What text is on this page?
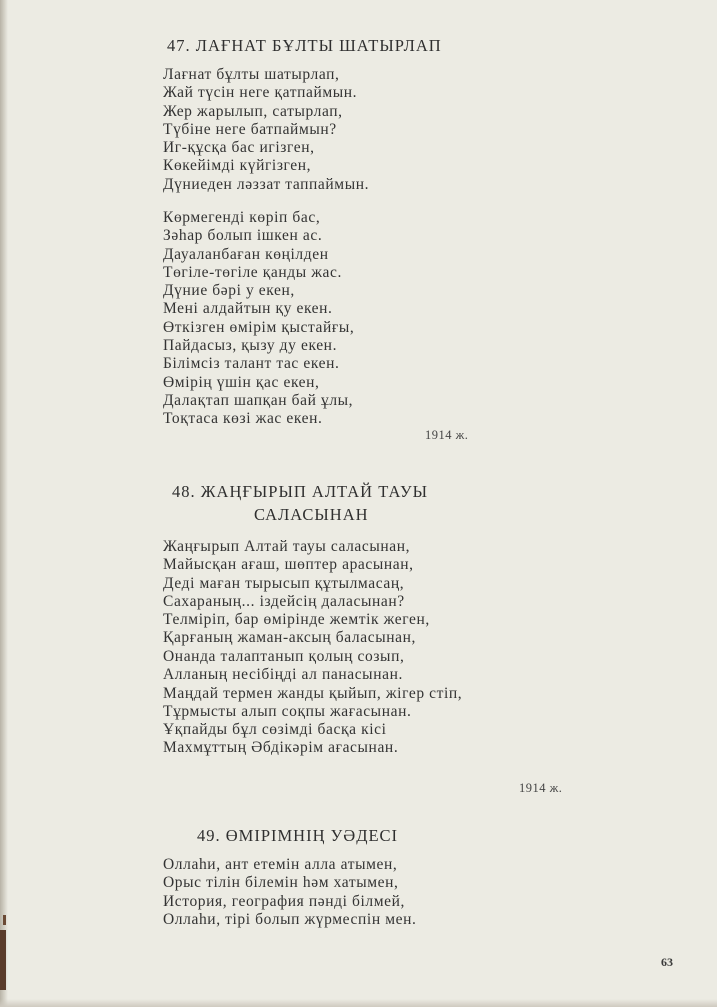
47. ЛАҒНАТ БҰЛТЫ ШАТЫРЛАП
Лағнат бұлты шатырлап,
Жай түсін неге қатпаймын.
Жер жарылып, сатырлап,
Түбіне неге батпаймын?
Иг-құсқа бас игізген,
Көкейімді күйгізген,
Дүниеден ләззат таппаймын.
Көрмегенді көріп бас,
Зәһар болып ішкен ас.
Дауаланбаған көңілден
Төгіле-төгіле қанды жас.
Дүние бәрі у екен,
Мені алдайтын қу екен.
Өткізген өмірім қыстайғы,
Пайдасыз, қызу ду екен.
Білімсіз талант тас екен.
Өмірің үшін қас екен,
Далақтап шапқан бай ұлы,
Тоқтаса көзі жас екен.
1914 ж.
48. ЖАҢҒЫРЫП АЛТАЙ ТАУЫ
САЛАСЫНАН
Жаңғырып Алтай тауы саласынан,
Майысқан ағаш, шөптер арасынан,
Деді маған тырысып құтылмасаң,
Сахараның... іздейсің даласынан?
Телміріп, бар өмірінде жемтік жеген,
Қарғаның жаман-аксың баласынан,
Онанда талаптанып қолың созып,
Алланың несібіңді ал панасынан.
Маңдай термен жанды қыйып, жігер стіп,
Тұрмысты алып соқпы жағасынан.
Ұқпайды бұл сөзімді басқа кісі
Махмұттың Әбдікәрім ағасынан.
1914 ж.
49. ӨМІРІМНІҢ УӘДЕСІ
Оллаһи, ант етемін алла атымен,
Орыс тілін білемін һәм хатымен,
История, география пәнді білмей,
Оллаһи, тірі болып жүрмеспін мен.
63
